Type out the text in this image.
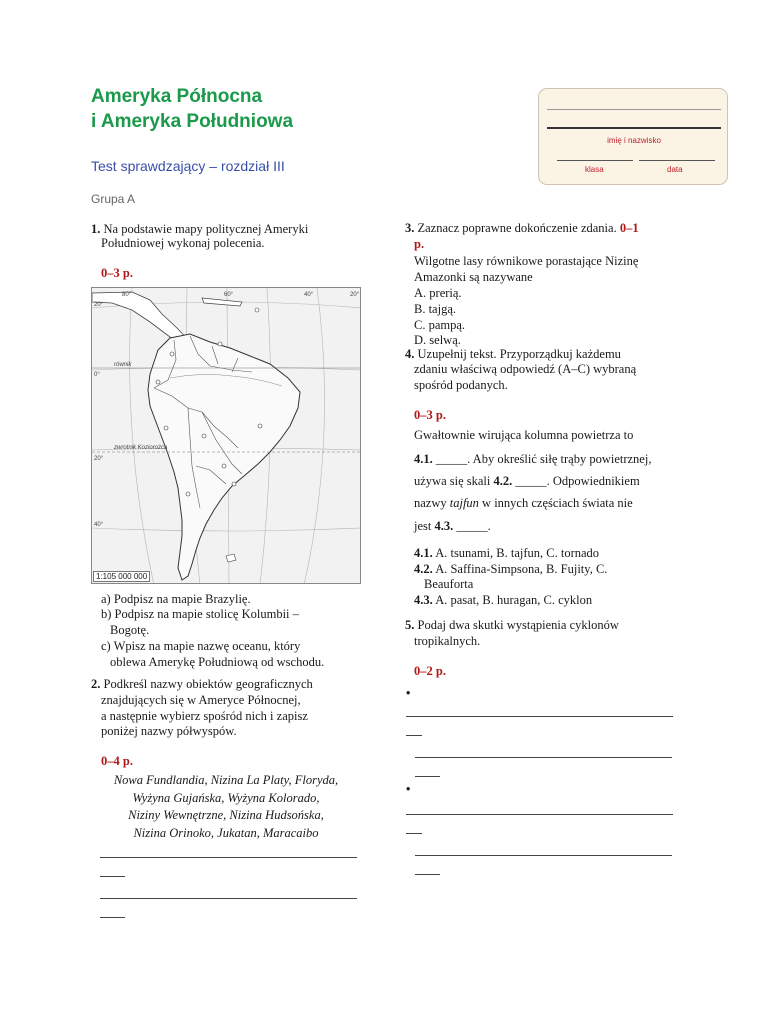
Ameryka Północna
i Ameryka Południowa
Test sprawdzający – rozdział III
Grupa A
imię i nazwisko
klasa	data
1. Na podstawie mapy politycznej Ameryki
Południowej wykonaj polecenia.
0–3 p.
równik
zwrotnik Koziorożca
80°	60°	40°	20°
20°
0°
20°
40°
1:105 000 000
a) Podpisz na mapie Brazylię.
b) Podpisz na mapie stolicę Kolumbii –
Bogotę.
c) Wpisz na mapie nazwę oceanu, który
oblewa Amerykę Południową od wschodu.
2. Podkreśl nazwy obiektów geograficznych
znajdujących się w Ameryce Północnej,
a następnie wybierz spośród nich i zapisz
poniżej nazwy półwyspów.
0–4 p.
Nowa Fundlandia, Nizina La Platy, Floryda,
Wyżyna Gujańska, Wyżyna Kolorado,
Niziny Wewnętrzne, Nizina Hudsońska,
Nizina Orinoko, Jukatan, Maracaibo
3. Zaznacz poprawne dokończenie zdania. 0–1
p.
Wilgotne lasy równikowe porastające Nizinę
Amazonki są nazywane
A. prerią.
B. tajgą.
C. pampą.
D. selwą.
4. Uzupełnij tekst. Przyporządkuj każdemu
zdaniu właściwą odpowiedź (A–C) wybraną
spośród podanych.
0–3 p.
Gwałtownie wirująca kolumna powietrza to
4.1. _____. Aby określić siłę trąby powietrznej,
używa się skali 4.2. _____. Odpowiednikiem
nazwy tajfun w innych częściach świata nie
jest 4.3. _____.
4.1. A. tsunami, B. tajfun, C. tornado
4.2. A. Saffina-Simpsona, B. Fujity, C.
Beauforta
4.3. A. pasat, B. huragan, C. cyklon
5. Podaj dwa skutki wystąpienia cyklonów
tropikalnych.
0–2 p.
•
•
